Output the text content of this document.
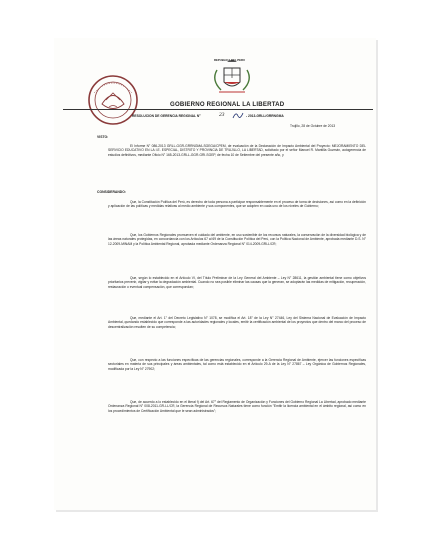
REPUBLICA DEL PERU
GOBIERNO REGIONAL LA LIBERTAD
RESOLUCION DE GERENCIA REGIONAL N°	23	- 2013-GRLL/GRRNGMA
Trujillo, 28 de Octubre de 2013
VISTO:
El Informe N° 086-2013 GRLL-GGR-GRRNGMA-SGEGA/CPEM, de evaluación de la Declaración de Impacto Ambiental del Proyecto: MEJORAMIENTO DEL SERVICIO EDUCATIVO EN LA I.E. ESPECIAL, DISTRITO Y PROVINCIA DE TRUJILLO, LA LIBERTAD, solicitado por el señor Manuel R. Mantilla Guzmán, autogerencia de estudios definitivos, mediante Oficio N° 165-2013-GRLL-GGR-GRI-SGEP, de fecha 10 de Setiembre del presente año, y
CONSIDERANDO:
Que, la Constitución Política del Perú, es derecho de toda persona a participar responsablemente en el proceso de toma de decisiones, así como en la definición y aplicación de las políticas y medidas relativas al medio ambiente y sus componentes, que se adopten en cada uno de los niveles de Gobierno;
Que, los Gobiernos Regionales promueven el cuidado del ambiente, en uso sostenible de los recursos naturales, la conservación de la diversidad biológica y de las áreas naturales protegidas, en concordancia con los Artículos 67 al 69 de la Constitución Política del Perú, con la Política Nacional de Ambiente, aprobada mediante D.S. N° 12-2009-MINAM y la Política Ambiental Regional, aprobada mediante Ordenanza Regional N° 014-2009-GRLL/CR;
Que, según lo establecido en el Artículo VI, del Título Preliminar de la Ley General del Ambiente – Ley N° 28611, la gestión ambiental tiene como objetivos prioritarios prevenir, vigilar y evitar la degradación ambiental. Cuando no sea posible eliminar las causas que la generan, se adoptarán las medidas de mitigación, recuperación, restauración o eventual compensación, que correspondan;
Que, mediante el Art. 1° del Decreto Legislativo N° 1078, se modifica el Art. 18° de la Ley N° 27446, Ley del Sistema Nacional de Evaluación de Impacto Ambiental, quedando establecido que corresponde a las autoridades regionales y locales, emitir la certificación ambiental de los proyectos que dentro del marco del proceso de descentralización resulten de su competencia;
Que, con respecto a las funciones específicas de las gerencias regionales, corresponde a la Gerencia Regional de Ambiente, ejercer las funciones específicas sectoriales en materia de sus principales y áreas ambientales, tal como está establecido en el Artículo 29-A de la Ley N° 27867 – Ley Orgánica de Gobiernos Regionales, modificada por la Ley N° 27902;
Que, de acuerdo a lo establecido en el literal f) del Art. 67° del Reglamento de Organización y Funciones del Gobierno Regional La Libertad, aprobado mediante Ordenanza Regional N° 008-2011-GR-LL/CR, la Gerencia Regional de Recursos Naturales tiene como función "Emitir la licencia ambiental en el ámbito regional, así como en los procedimientos de Certificación Ambiental que le sean administrados";
